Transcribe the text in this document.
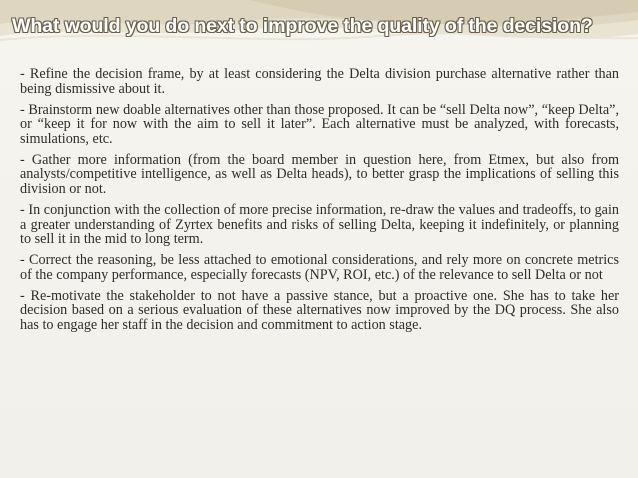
What would you do next to improve the quality of the decision?

- Refine the decision frame, by at least considering the Delta division purchase alternative rather than being dismissive about it.

- Brainstorm new doable alternatives other than those proposed. It can be “sell Delta now”, “keep Delta”, or “keep it for now with the aim to sell it later”. Each alternative must be analyzed, with forecasts, simulations, etc.

- Gather more information (from the board member in question here, from Etmex, but also from analysts/competitive intelligence, as well as Delta heads), to better grasp the implications of selling this division or not.

- In conjunction with the collection of more precise information, re-draw the values and tradeoffs, to gain a greater understanding of Zyrtex benefits and risks of selling Delta, keeping it indefinitely, or planning to sell it in the mid to long term.

- Correct the reasoning, be less attached to emotional considerations, and rely more on concrete metrics of the company performance, especially forecasts (NPV, ROI, etc.) of the relevance to sell Delta or not

- Re-motivate the stakeholder to not have a passive stance, but a proactive one. She has to take her decision based on a serious evaluation of these alternatives now improved by the DQ process. She also has to engage her staff in the decision and commitment to action stage.
